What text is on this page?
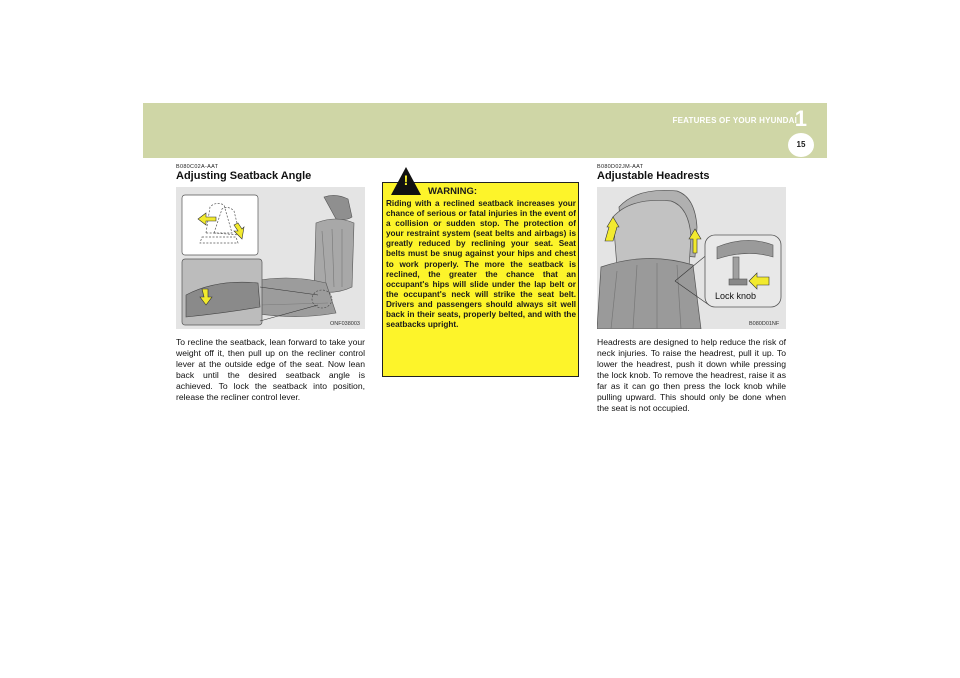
1
FEATURES OF YOUR HYUNDAI
15
B080C02A-AAT
Adjusting Seatback Angle
ONF038003
To recline the seatback, lean forward to take your weight off it, then pull up on the recliner control lever at the outside edge of the seat. Now lean back until the desired seatback angle is achieved. To lock the seatback into position, release the recliner control lever.
!
WARNING:
Riding with a reclined seatback increases your chance of serious or fatal injuries in the event of a collision or sudden stop. The protection of your restraint system (seat belts and airbags) is greatly reduced by reclining your seat. Seat belts must be snug against your hips and chest to work properly. The more the seatback is reclined, the greater the chance that an occupant's hips will slide under the lap belt or the occupant's neck will strike the seat belt. Drivers and passengers should always sit well back in their seats, properly belted, and with the seatbacks upright.
B080D02JM-AAT
Adjustable Headrests
Lock knob
B080D01NF
Headrests are designed to help reduce the risk of neck injuries. To raise the headrest, pull it up. To lower the headrest, push it down while pressing the lock knob. To remove the headrest, raise it as far as it can go then press the lock knob while pulling upward. This should only be done when the seat is not occupied.
